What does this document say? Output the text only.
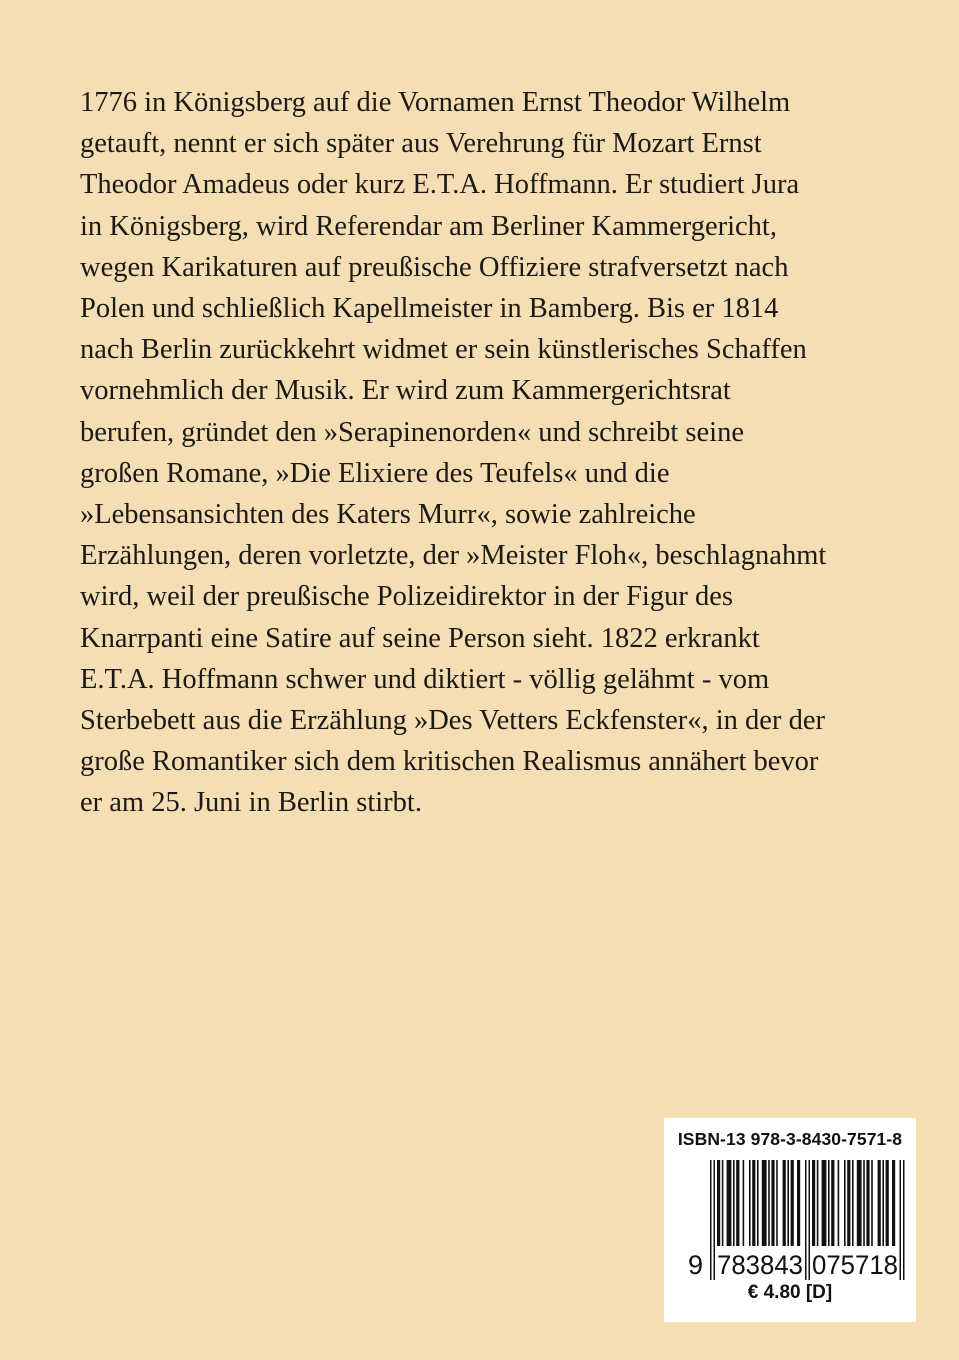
1776 in Königsberg auf die Vornamen Ernst Theodor Wilhelm
getauft, nennt er sich später aus Verehrung für Mozart Ernst
Theodor Amadeus oder kurz E.T.A. Hoffmann. Er studiert Jura
in Königsberg, wird Referendar am Berliner Kammergericht,
wegen Karikaturen auf preußische Offiziere strafversetzt nach
Polen und schließlich Kapellmeister in Bamberg. Bis er 1814
nach Berlin zurückkehrt widmet er sein künstlerisches Schaffen
vornehmlich der Musik. Er wird zum Kammergerichtsrat
berufen, gründet den »Serapinenorden« und schreibt seine
großen Romane, »Die Elixiere des Teufels« und die
»Lebensansichten des Katers Murr«, sowie zahlreiche
Erzählungen, deren vorletzte, der »Meister Floh«, beschlagnahmt
wird, weil der preußische Polizeidirektor in der Figur des
Knarrpanti eine Satire auf seine Person sieht. 1822 erkrankt
E.T.A. Hoffmann schwer und diktiert - völlig gelähmt - vom
Sterbebett aus die Erzählung »Des Vetters Eckfenster«, in der der
große Romantiker sich dem kritischen Realismus annähert bevor
er am 25. Juni in Berlin stirbt.
ISBN-13 978-3-8430-7571-8
9 783843 075718
€ 4.80 [D]
